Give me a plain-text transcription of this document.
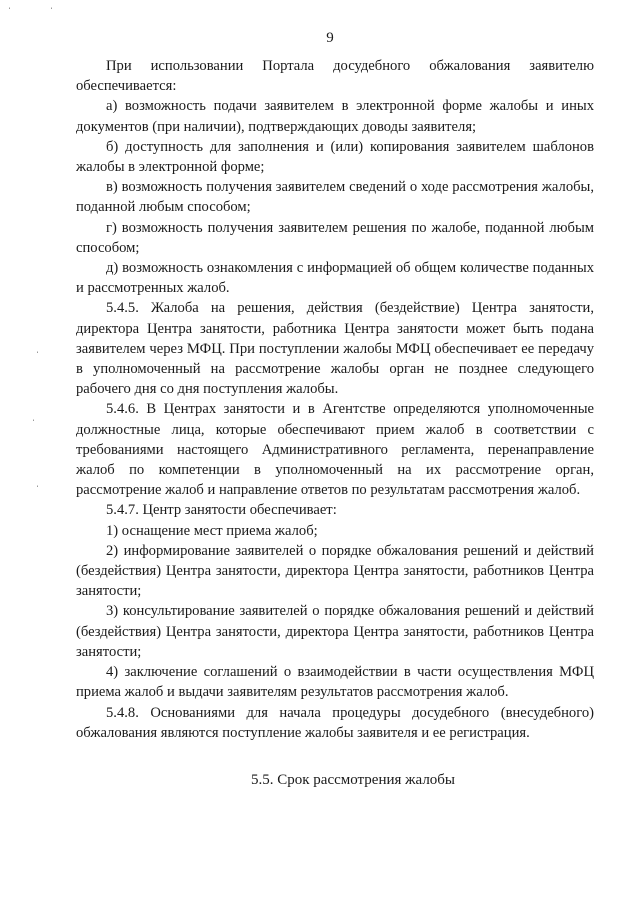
9

При использовании Портала досудебного обжалования заявителю обеспечивается:

а) возможность подачи заявителем в электронной форме жалобы и иных документов (при наличии), подтверждающих доводы заявителя;

б) доступность для заполнения и (или) копирования заявителем шаблонов жалобы в электронной форме;

в) возможность получения заявителем сведений о ходе рассмотрения жалобы, поданной любым способом;

г) возможность получения заявителем решения по жалобе, поданной любым способом;

д) возможность ознакомления с информацией об общем количестве поданных и рассмотренных жалоб.

5.4.5. Жалоба на решения, действия (бездействие) Центра занятости, директора Центра занятости, работника Центра занятости может быть подана заявителем через МФЦ. При поступлении жалобы МФЦ обеспечивает ее передачу в уполномоченный на рассмотрение жалобы орган не позднее следующего рабочего дня со дня поступления жалобы.

5.4.6. В Центрах занятости и в Агентстве определяются уполномоченные должностные лица, которые обеспечивают прием жалоб в соответствии с требованиями настоящего Административного регламента, перенаправление жалоб по компетенции в уполномоченный на их рассмотрение орган, рассмотрение жалоб и направление ответов по результатам рассмотрения жалоб.

5.4.7. Центр занятости обеспечивает:

1) оснащение мест приема жалоб;

2) информирование заявителей о порядке обжалования решений и действий (бездействия) Центра занятости, директора Центра занятости, работников Центра занятости;

3) консультирование заявителей о порядке обжалования решений и действий (бездействия) Центра занятости, директора Центра занятости, работников Центра занятости;

4) заключение соглашений о взаимодействии в части осуществления МФЦ приема жалоб и выдачи заявителям результатов рассмотрения жалоб.

5.4.8. Основаниями для начала процедуры досудебного (внесудебного) обжалования являются поступление жалобы заявителя и ее регистрация.

5.5. Срок рассмотрения жалобы
ˈ	ˈ
ˈ
ˈ
ˈ
